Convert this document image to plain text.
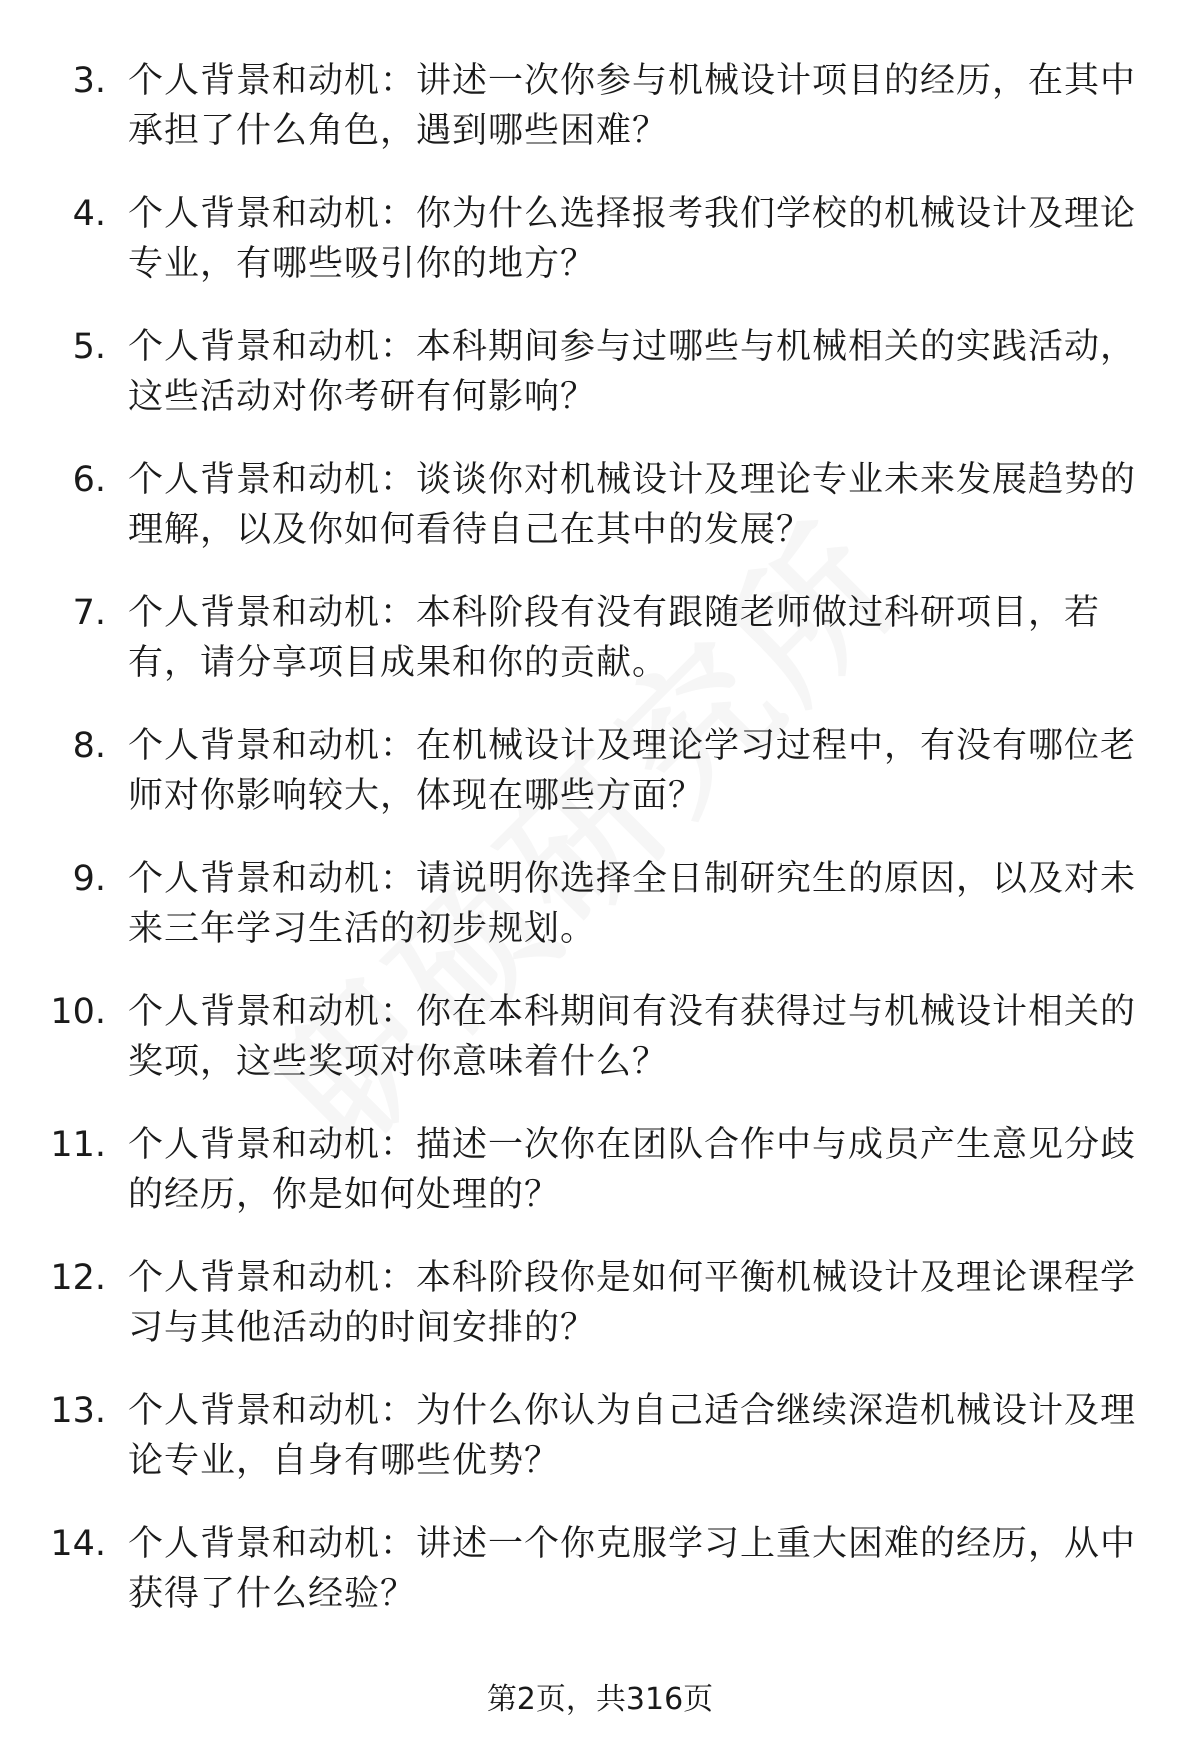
3. 个人背景和动机：讲述一次你参与机械设计项目的经历，在其中承担了什么角色，遇到哪些困难？
4. 个人背景和动机：你为什么选择报考我们学校的机械设计及理论专业，有哪些吸引你的地方？
5. 个人背景和动机：本科期间参与过哪些与机械相关的实践活动，这些活动对你考研有何影响？
6. 个人背景和动机：谈谈你对机械设计及理论专业未来发展趋势的理解，以及你如何看待自己在其中的发展？
7. 个人背景和动机：本科阶段有没有跟随老师做过科研项目，若有，请分享项目成果和你的贡献。
8. 个人背景和动机：在机械设计及理论学习过程中，有没有哪位老师对你影响较大，体现在哪些方面？
9. 个人背景和动机：请说明你选择全日制研究生的原因，以及对未来三年学习生活的初步规划。
10. 个人背景和动机：你在本科期间有没有获得过与机械设计相关的奖项，这些奖项对你意味着什么？
11. 个人背景和动机：描述一次你在团队合作中与成员产生意见分歧的经历，你是如何处理的？
12. 个人背景和动机：本科阶段你是如何平衡机械设计及理论课程学习与其他活动的时间安排的？
13. 个人背景和动机：为什么你认为自己适合继续深造机械设计及理论专业，自身有哪些优势？
14. 个人背景和动机：讲述一个你克服学习上重大困难的经历，从中获得了什么经验？
第2页，共316页
